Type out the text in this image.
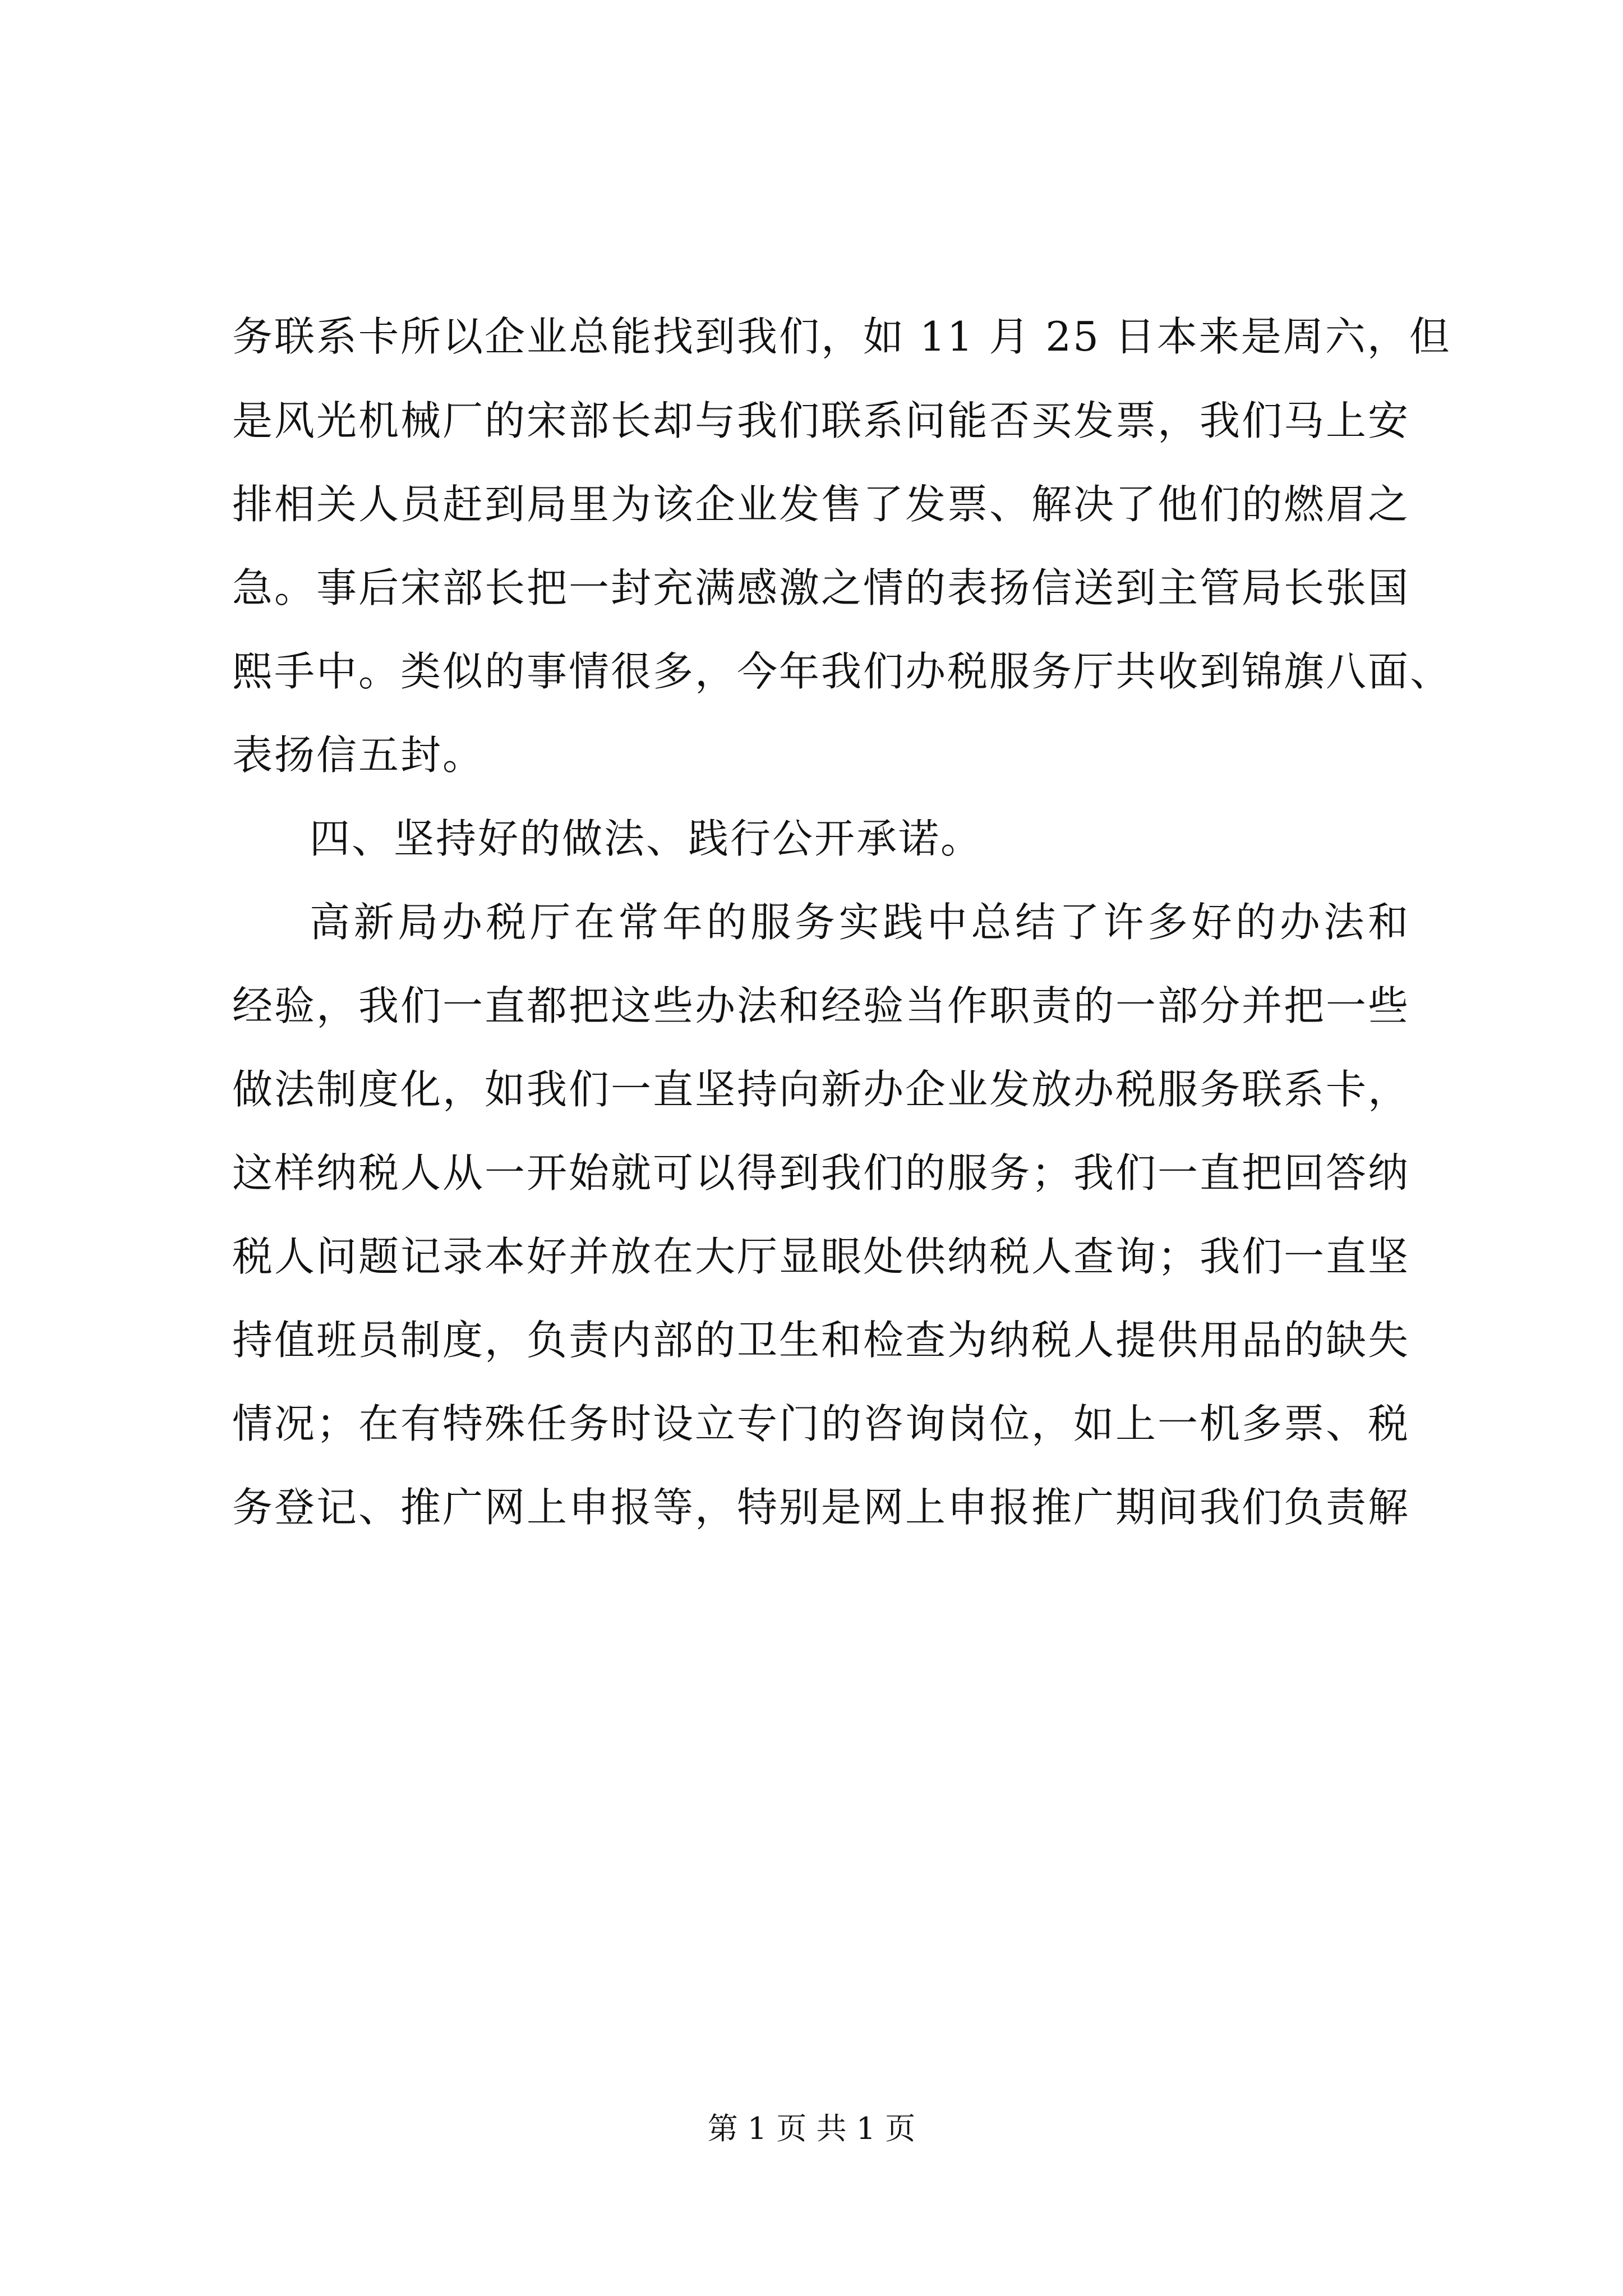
务联系卡所以企业总能找到我们，如 11 月 25 日本来是周六，但
是风光机械厂的宋部长却与我们联系问能否买发票，我们马上安
排相关人员赶到局里为该企业发售了发票、解决了他们的燃眉之
急。事后宋部长把一封充满感激之情的表扬信送到主管局长张国
熙手中。类似的事情很多，今年我们办税服务厅共收到锦旗八面、
表扬信五封。
四、坚持好的做法、践行公开承诺。
高新局办税厅在常年的服务实践中总结了许多好的办法和
经验，我们一直都把这些办法和经验当作职责的一部分并把一些
做法制度化，如我们一直坚持向新办企业发放办税服务联系卡，
这样纳税人从一开始就可以得到我们的服务；我们一直把回答纳
税人问题记录本好并放在大厅显眼处供纳税人查询；我们一直坚
持值班员制度，负责内部的卫生和检查为纳税人提供用品的缺失
情况；在有特殊任务时设立专门的咨询岗位，如上一机多票、税
务登记、推广网上申报等，特别是网上申报推广期间我们负责解
第 1 页 共 1 页
